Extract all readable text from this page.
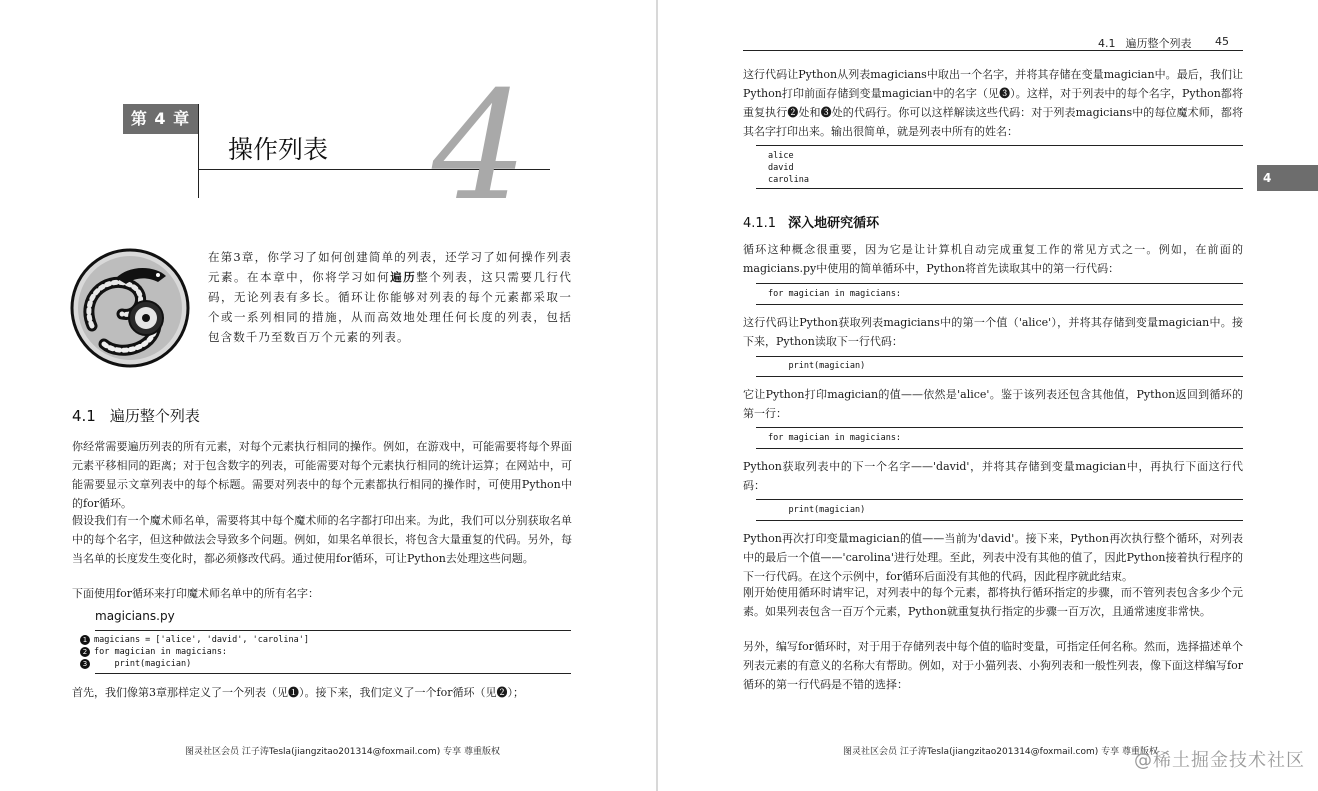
第 4 章
操作列表 4
在第3章，你学习了如何创建简单的列表，还学习了如何操作列表元素。在本章中，你将学习如何遍历整个列表，这只需要几行代码，无论列表有多长。循环让你能够对列表的每个元素都采取一个或一系列相同的措施，从而高效地处理任何长度的列表，包括包含数千乃至数百万个元素的列表。
4.1 遍历整个列表
你经常需要遍历列表的所有元素，对每个元素执行相同的操作。例如，在游戏中，可能需要将每个界面元素平移相同的距离；对于包含数字的列表，可能需要对每个元素执行相同的统计运算；在网站中，可能需要显示文章列表中的每个标题。需要对列表中的每个元素都执行相同的操作时，可使用Python中的for循环。
假设我们有一个魔术师名单，需要将其中每个魔术师的名字都打印出来。为此，我们可以分别获取名单中的每个名字，但这种做法会导致多个问题。例如，如果名单很长，将包含大量重复的代码。另外，每当名单的长度发生变化时，都必须修改代码。通过使用for循环，可让Python去处理这些问题。
下面使用for循环来打印魔术师名单中的所有名字：
magicians.py
1 magicians = ['alice', 'david', 'carolina']
2 for magician in magicians:
3    print(magician)
首先，我们像第3章那样定义了一个列表（见❶）。接下来，我们定义了一个for循环（见❷）；
图灵社区会员 江子涛Tesla(jiangzitao201314@foxmail.com) 专享 尊重版权
4.1 遍历整个列表 45
4
这行代码让Python从列表magicians中取出一个名字，并将其存储在变量magician中。最后，我们让Python打印前面存储到变量magician中的名字（见❸）。这样，对于列表中的每个名字，Python都将重复执行❷处和❸处的代码行。你可以这样解读这些代码：对于列表magicians中的每位魔术师，都将其名字打印出来。输出很简单，就是列表中所有的姓名：
alice
david
carolina
4.1.1 深入地研究循环
循环这种概念很重要，因为它是让计算机自动完成重复工作的常见方式之一。例如，在前面的magicians.py中使用的简单循环中，Python将首先读取其中的第一行代码：
for magician in magicians:
这行代码让Python获取列表magicians中的第一个值（'alice'），并将其存储到变量magician中。接下来，Python读取下一行代码：
print(magician)
它让Python打印magician的值——依然是'alice'。鉴于该列表还包含其他值，Python返回到循环的第一行：
for magician in magicians:
Python获取列表中的下一个名字——'david'，并将其存储到变量magician中，再执行下面这行代码：
print(magician)
Python再次打印变量magician的值——当前为'david'。接下来，Python再次执行整个循环，对列表中的最后一个值——'carolina'进行处理。至此，列表中没有其他的值了，因此Python接着执行程序的下一行代码。在这个示例中，for循环后面没有其他的代码，因此程序就此结束。
刚开始使用循环时请牢记，对列表中的每个元素，都将执行循环指定的步骤，而不管列表包含多少个元素。如果列表包含一百万个元素，Python就重复执行指定的步骤一百万次，且通常速度非常快。
另外，编写for循环时，对于用于存储列表中每个值的临时变量，可指定任何名称。然而，选择描述单个列表元素的有意义的名称大有帮助。例如，对于小猫列表、小狗列表和一般性列表，像下面这样编写for循环的第一行代码是不错的选择：
图灵社区会员 江子涛Tesla(jiangzitao201314@foxmail.com) 专享 尊重版权
@稀土掘金技术社区
